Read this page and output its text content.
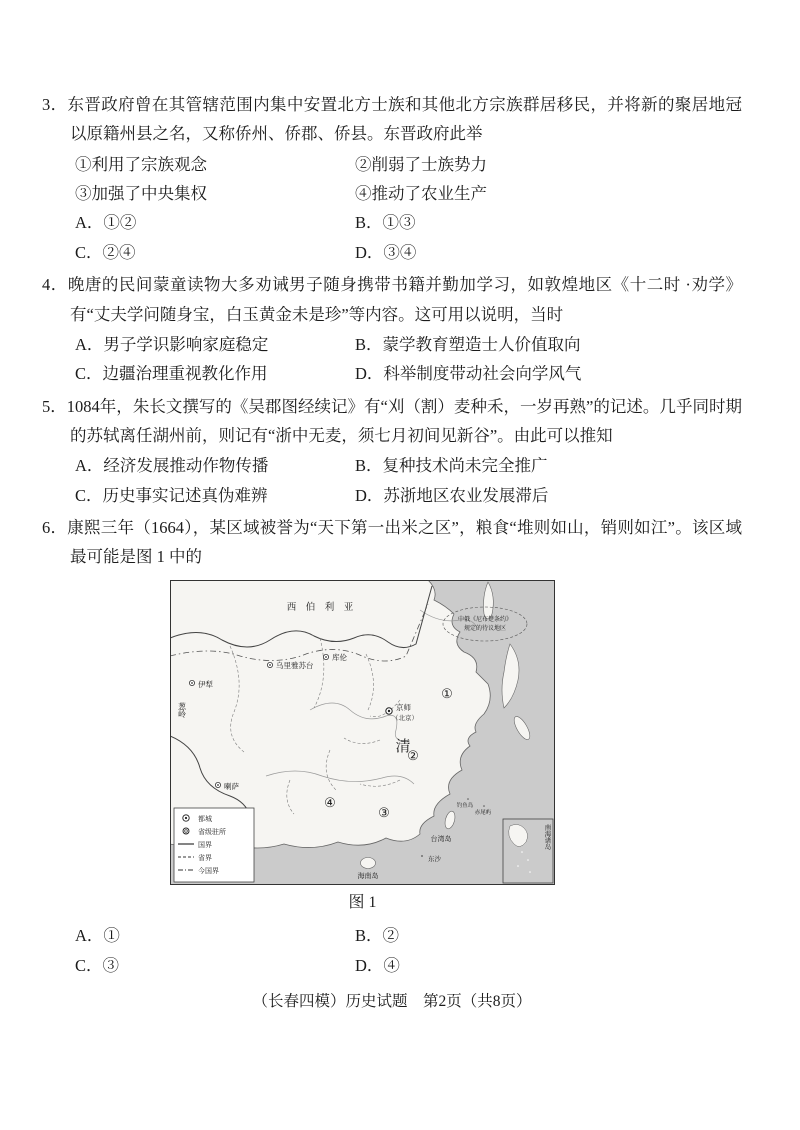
3．东晋政府曾在其管辖范围内集中安置北方士族和其他北方宗族群居移民，并将新的聚居地冠以原籍州县之名，又称侨州、侨郡、侨县。东晋政府此举

①利用了宗族观念	②削弱了士族势力
③加强了中央集权	④推动了农业生产
A．①②	B．①③
C．②④	D．③④

4．晚唐的民间蒙童读物大多劝诫男子随身携带书籍并勤加学习，如敦煌地区《十二时 ·劝学》有“丈夫学问随身宝，白玉黄金未是珍”等内容。这可用以说明，当时

A．男子学识影响家庭稳定	B．蒙学教育塑造士人价值取向
C．边疆治理重视教化作用	D．科举制度带动社会向学风气

5．1084年，朱长文撰写的《吴郡图经续记》有“刈（割）麦种禾，一岁再熟”的记述。几乎同时期的苏轼离任湖州前，则记有“浙中无麦，须七月初间见新谷”。由此可以推知

A．经济发展推动作物传播	B．复种技术尚未完全推广
C．历史事实记述真伪难辨	D．苏浙地区农业发展滞后

6．康熙三年（1664），某区域被誉为“天下第一出米之区”，粮食“堆则如山，销则如江”。该区域最可能是图 1 中的

中俄《尼布楚条约》
规定的待议地区
西　伯　利　亚
乌里雅苏台
库伦
伊犁
葱岭	京师
（北京）
清
喇萨
台湾岛
钓鱼岛
赤尾屿
东沙
海南岛
①
②
③
④
都城
省级驻所
国界
省界
今国界
南海诸岛
图 1
A．①	B．②
C．③	D．④
（长春四模）历史试题　第2页（共8页）
